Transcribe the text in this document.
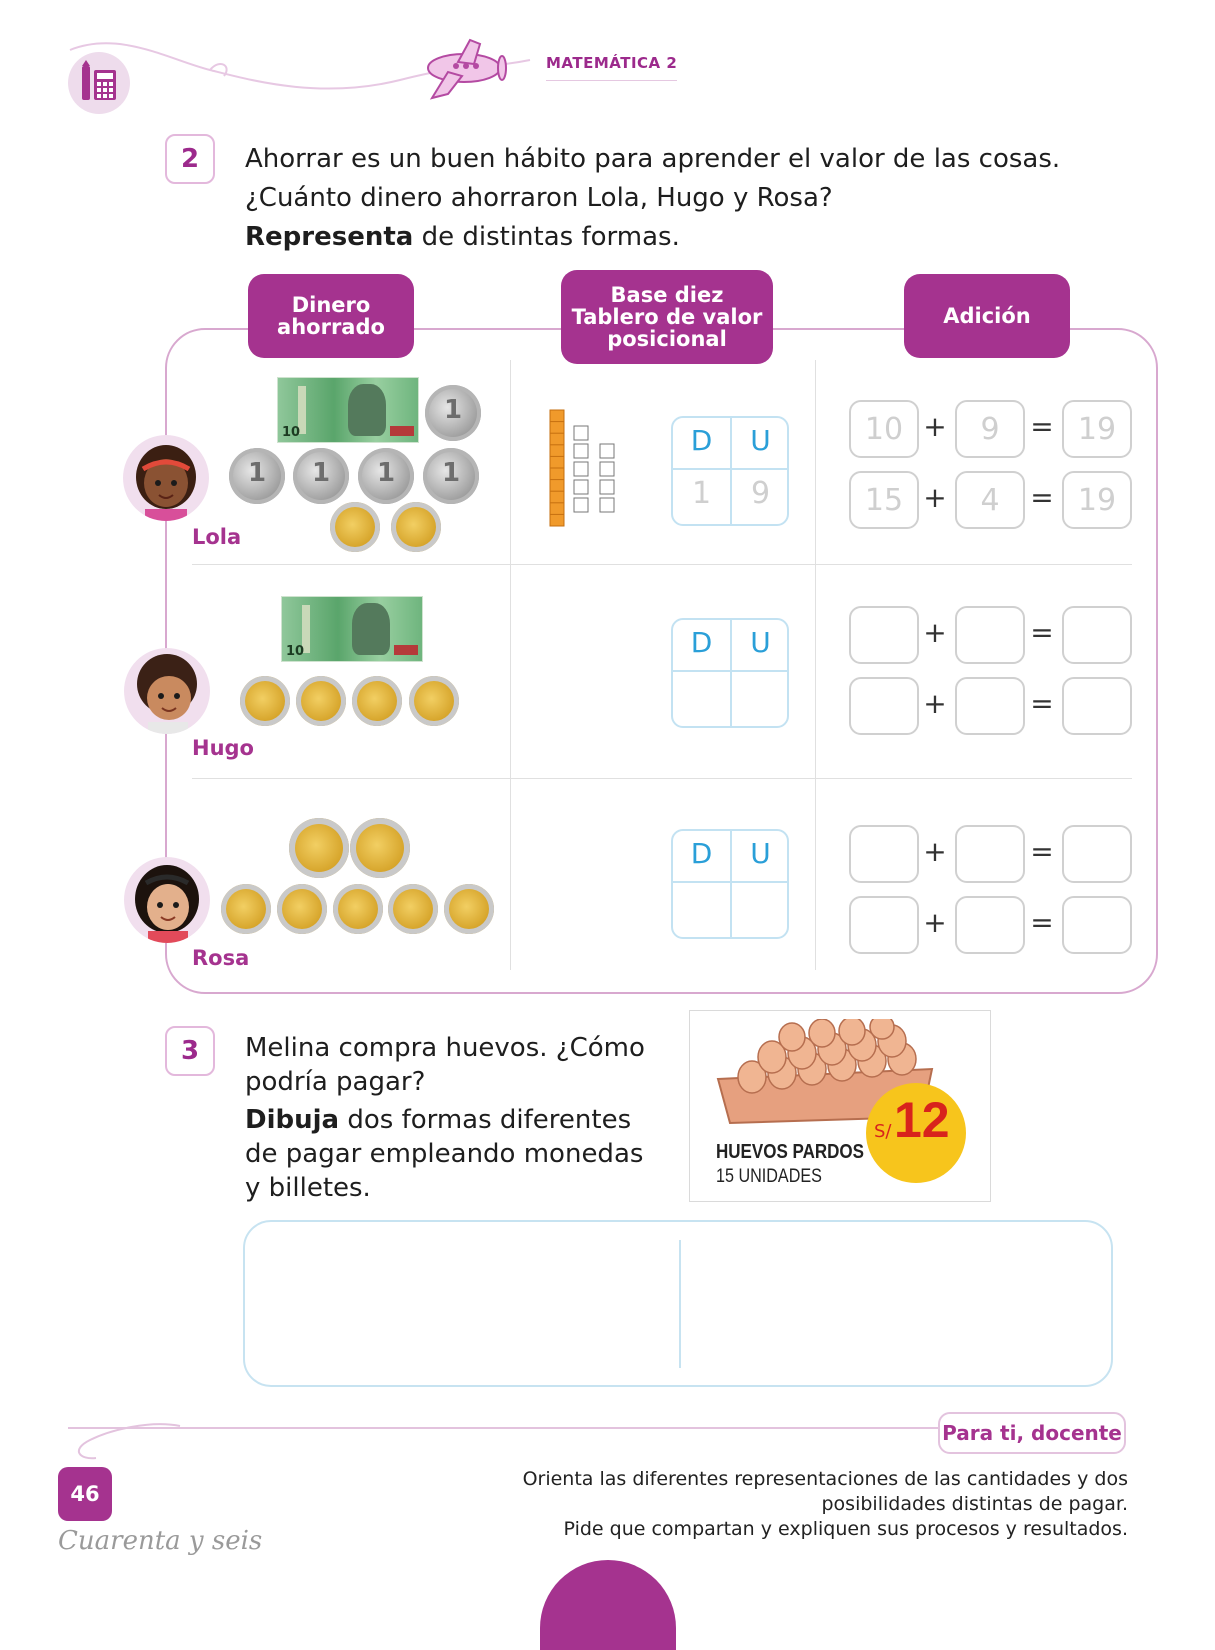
MATEMÁTICA 2
2	Ahorrar es un buen hábito para aprender el valor de las cosas.
¿Cuánto dinero ahorraron Lola, Hugo y Rosa?
Representa de distintas formas.
Dinero
ahorrado
Base diez
Tablero de valor
posicional
Adición
Lola
10
1
1
1
1
1	D	U
1	9
10 +	9	= 19
15 +	4	= 19
Hugo
10	D	U	+	=
+	=
Rosa
D	U	+	=
+	=
3	Melina compra huevos. ¿Cómo
podría pagar?
Dibuja dos formas diferentes
de pagar empleando monedas
y billetes.
S/ 12
HUEVOS PARDOS
15 UNIDADES
Para ti, docente
Orienta las diferentes representaciones de las cantidades y dos
posibilidades distintas de pagar.
Pide que compartan y expliquen sus procesos y resultados.
46
Cuarenta y seis
